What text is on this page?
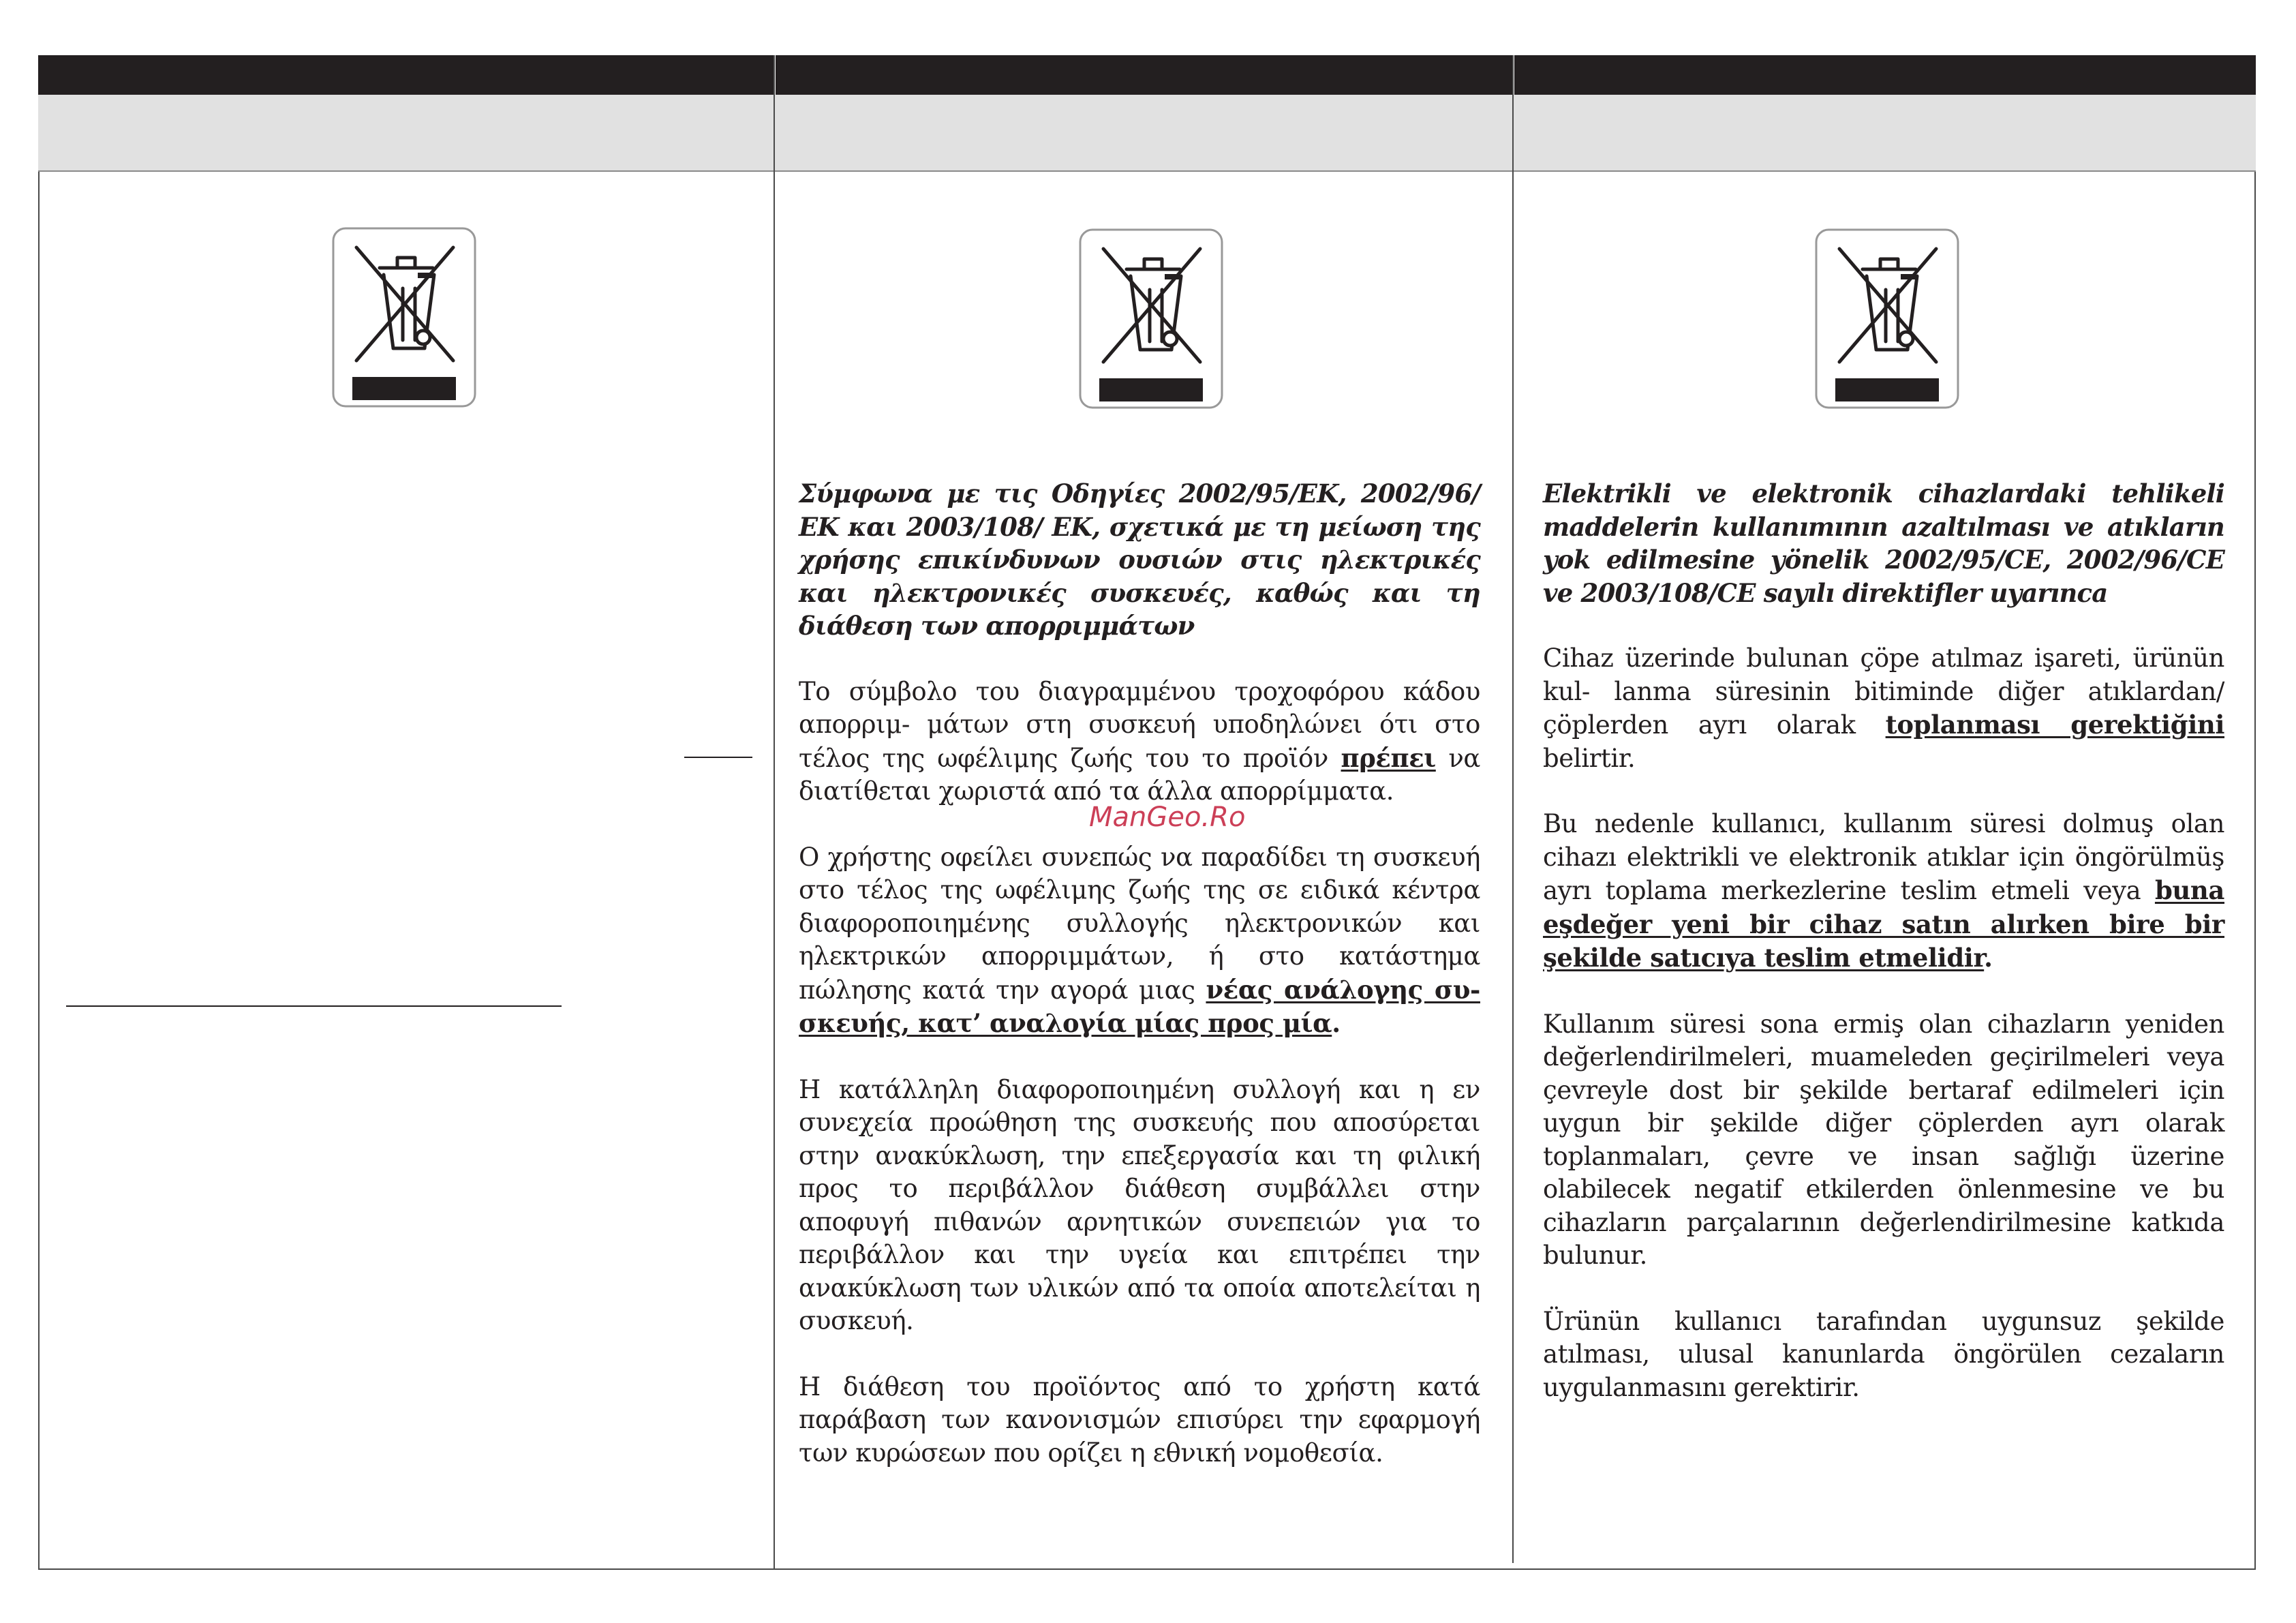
Σύμφωνα με τις Οδηγίες 2002/95/ΕΚ, 2002/96/ΕΚ και 2003/108/ ΕΚ, σχετικά με τη μείωση της χρήσης επικίνδυνων ουσιών στις ηλεκτρικές και ηλεκτρονικές συσκευές, καθώς και τη διάθεση των απορριμμάτων

Το σύμβολο του διαγραμμένου τροχοφόρου κάδου απορριμ- μάτων στη συσκευή υποδηλώνει ότι στο τέλος της ωφέλιμης ζωής του το προϊόν πρέπει να διατίθεται χωριστά από τα άλλα απορρίμματα.

Ο χρήστης οφείλει συνεπώς να παραδίδει τη συσκευή στο τέλος της ωφέλιμης ζωής της σε ειδικά κέντρα διαφοροποιημένης συλλογής ηλεκτρονικών και ηλεκτρικών απορριμμάτων, ή στο κατάστημα πώλησης κατά την αγορά μιας νέας ανάλογης συ- σκευής, κατ’ αναλογία μίας προς μία.

Η κατάλληλη διαφοροποιημένη συλλογή και η εν συνεχεία προώθηση της συσκευής που αποσύρεται στην ανακύκλωση, την επεξεργασία και τη φιλική προς το περιβάλλον διάθεση συμβάλλει στην αποφυγή πιθανών αρνητικών συνεπειών για το περιβάλλον και την υγεία και επιτρέπει την ανακύκλωση των υλικών από τα οποία αποτελείται η συσκευή.

Η διάθεση του προϊόντος από το χρήστη κατά παράβαση των κανονισμών επισύρει την εφαρμογή των κυρώσεων που ορίζει η εθνική νομοθεσία.

Elektrikli ve elektronik cihazlardaki tehlikeli maddelerin kullanımının azaltılması ve atıkların yok edilmesine yönelik 2002/95/CE, 2002/96/CE ve 2003/108/CE sayılı direktifler uyarınca

Cihaz üzerinde bulunan çöpe atılmaz işareti, ürünün kul- lanma süresinin bitiminde diğer atıklardan/çöplerden ayrı olarak toplanması gerektiğini belirtir.

Bu nedenle kullanıcı, kullanım süresi dolmuş olan cihazı elektrikli ve elektronik atıklar için öngörülmüş ayrı toplama merkezlerine teslim etmeli veya buna eşdeğer yeni bir cihaz satın alırken bire bir şekilde satıcıya teslim etmelidir.

Kullanım süresi sona ermiş olan cihazların yeniden değerlendirilmeleri, muameleden geçirilmeleri veya çevreyle dost bir şekilde bertaraf edilmeleri için uygun bir şekilde diğer çöplerden ayrı olarak toplanmaları, çevre ve insan sağlığı üzerine olabilecek negatif etkilerden önlenmesine ve bu cihazların parçalarının değerlendirilmesine katkıda bulunur.

Ürünün kullanıcı tarafından uygunsuz şekilde atılması, ulusal kanunlarda öngörülen cezaların uygulanmasını gerektirir.

ManGeo.Ro
